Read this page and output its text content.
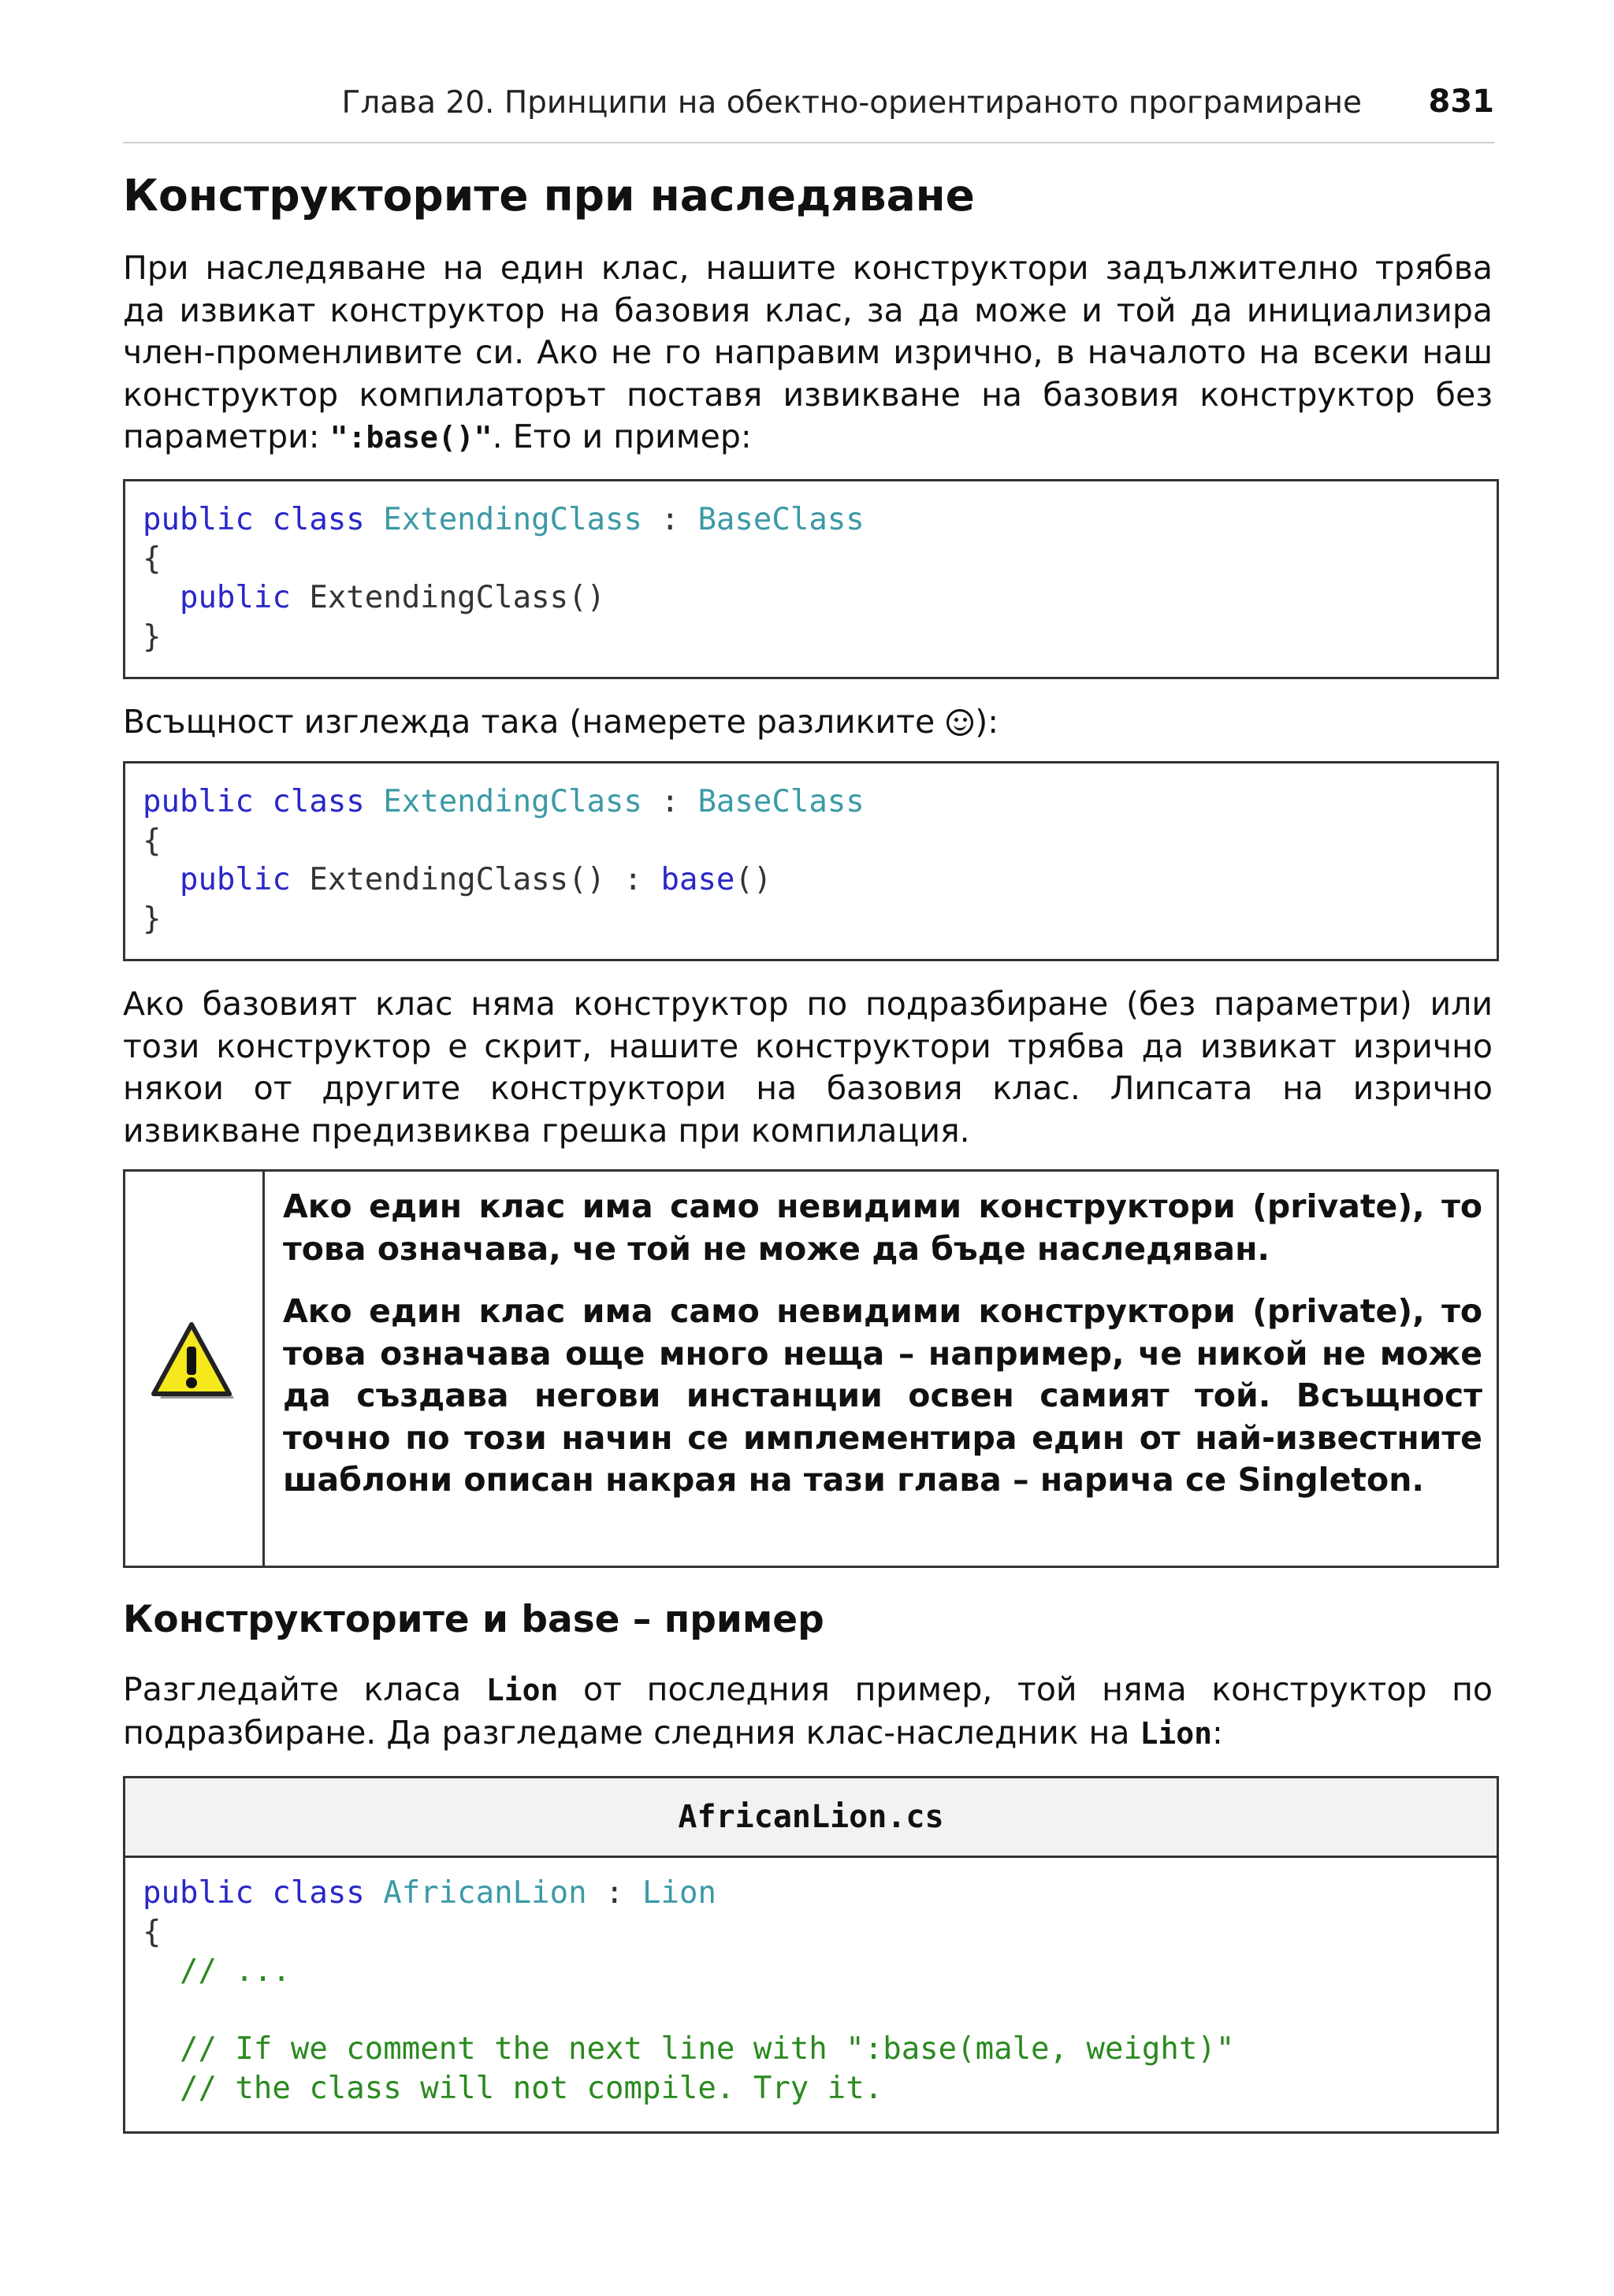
Глава 20. Принципи на обектно-ориентираното програмиране 831
Конструкторите при наследяване

При наследяване на един клас, нашите конструктори задължително трябва да извикат конструктор на базовия клас, за да може и той да инициализира член-променливите си. Ако не го направим изрично, в началото на всеки наш конструктор компилаторът поставя извикване на базовия конструктор без параметри: ":base()". Ето и пример:

public class ExtendingClass : BaseClass
{
public ExtendingClass()
}

Всъщност изглежда така (намерете разликите ):

public class ExtendingClass : BaseClass
{
public ExtendingClass() : base()
}

Ако базовият клас няма конструктор по подразбиране (без параметри) или този конструктор е скрит, нашите конструктори трябва да извикат изрично някои от другите конструктори на базовия клас. Липсата на изрично извикване предизвиква грешка при компилация.

Ако един клас има само невидими конструктори (private), то това означава, че той не може да бъде наследяван.

Ако един клас има само невидими конструктори (private), то това означава още много неща – например, че никой не може да създава негови инстанции освен самият той. Всъщност точно по този начин се имплементира един от най-известните шаблони описан накрая на тази глава – нарича се Singleton.

Конструкторите и base – пример

Разгледайте класа Lion от последния пример, той няма конструктор по подразбиране. Да разгледаме следния клас-наследник на Lion:

AfricanLion.cs
public class AfricanLion : Lion
{
// ...

// If we comment the next line with ":base(male, weight)"
// the class will not compile. Try it.
